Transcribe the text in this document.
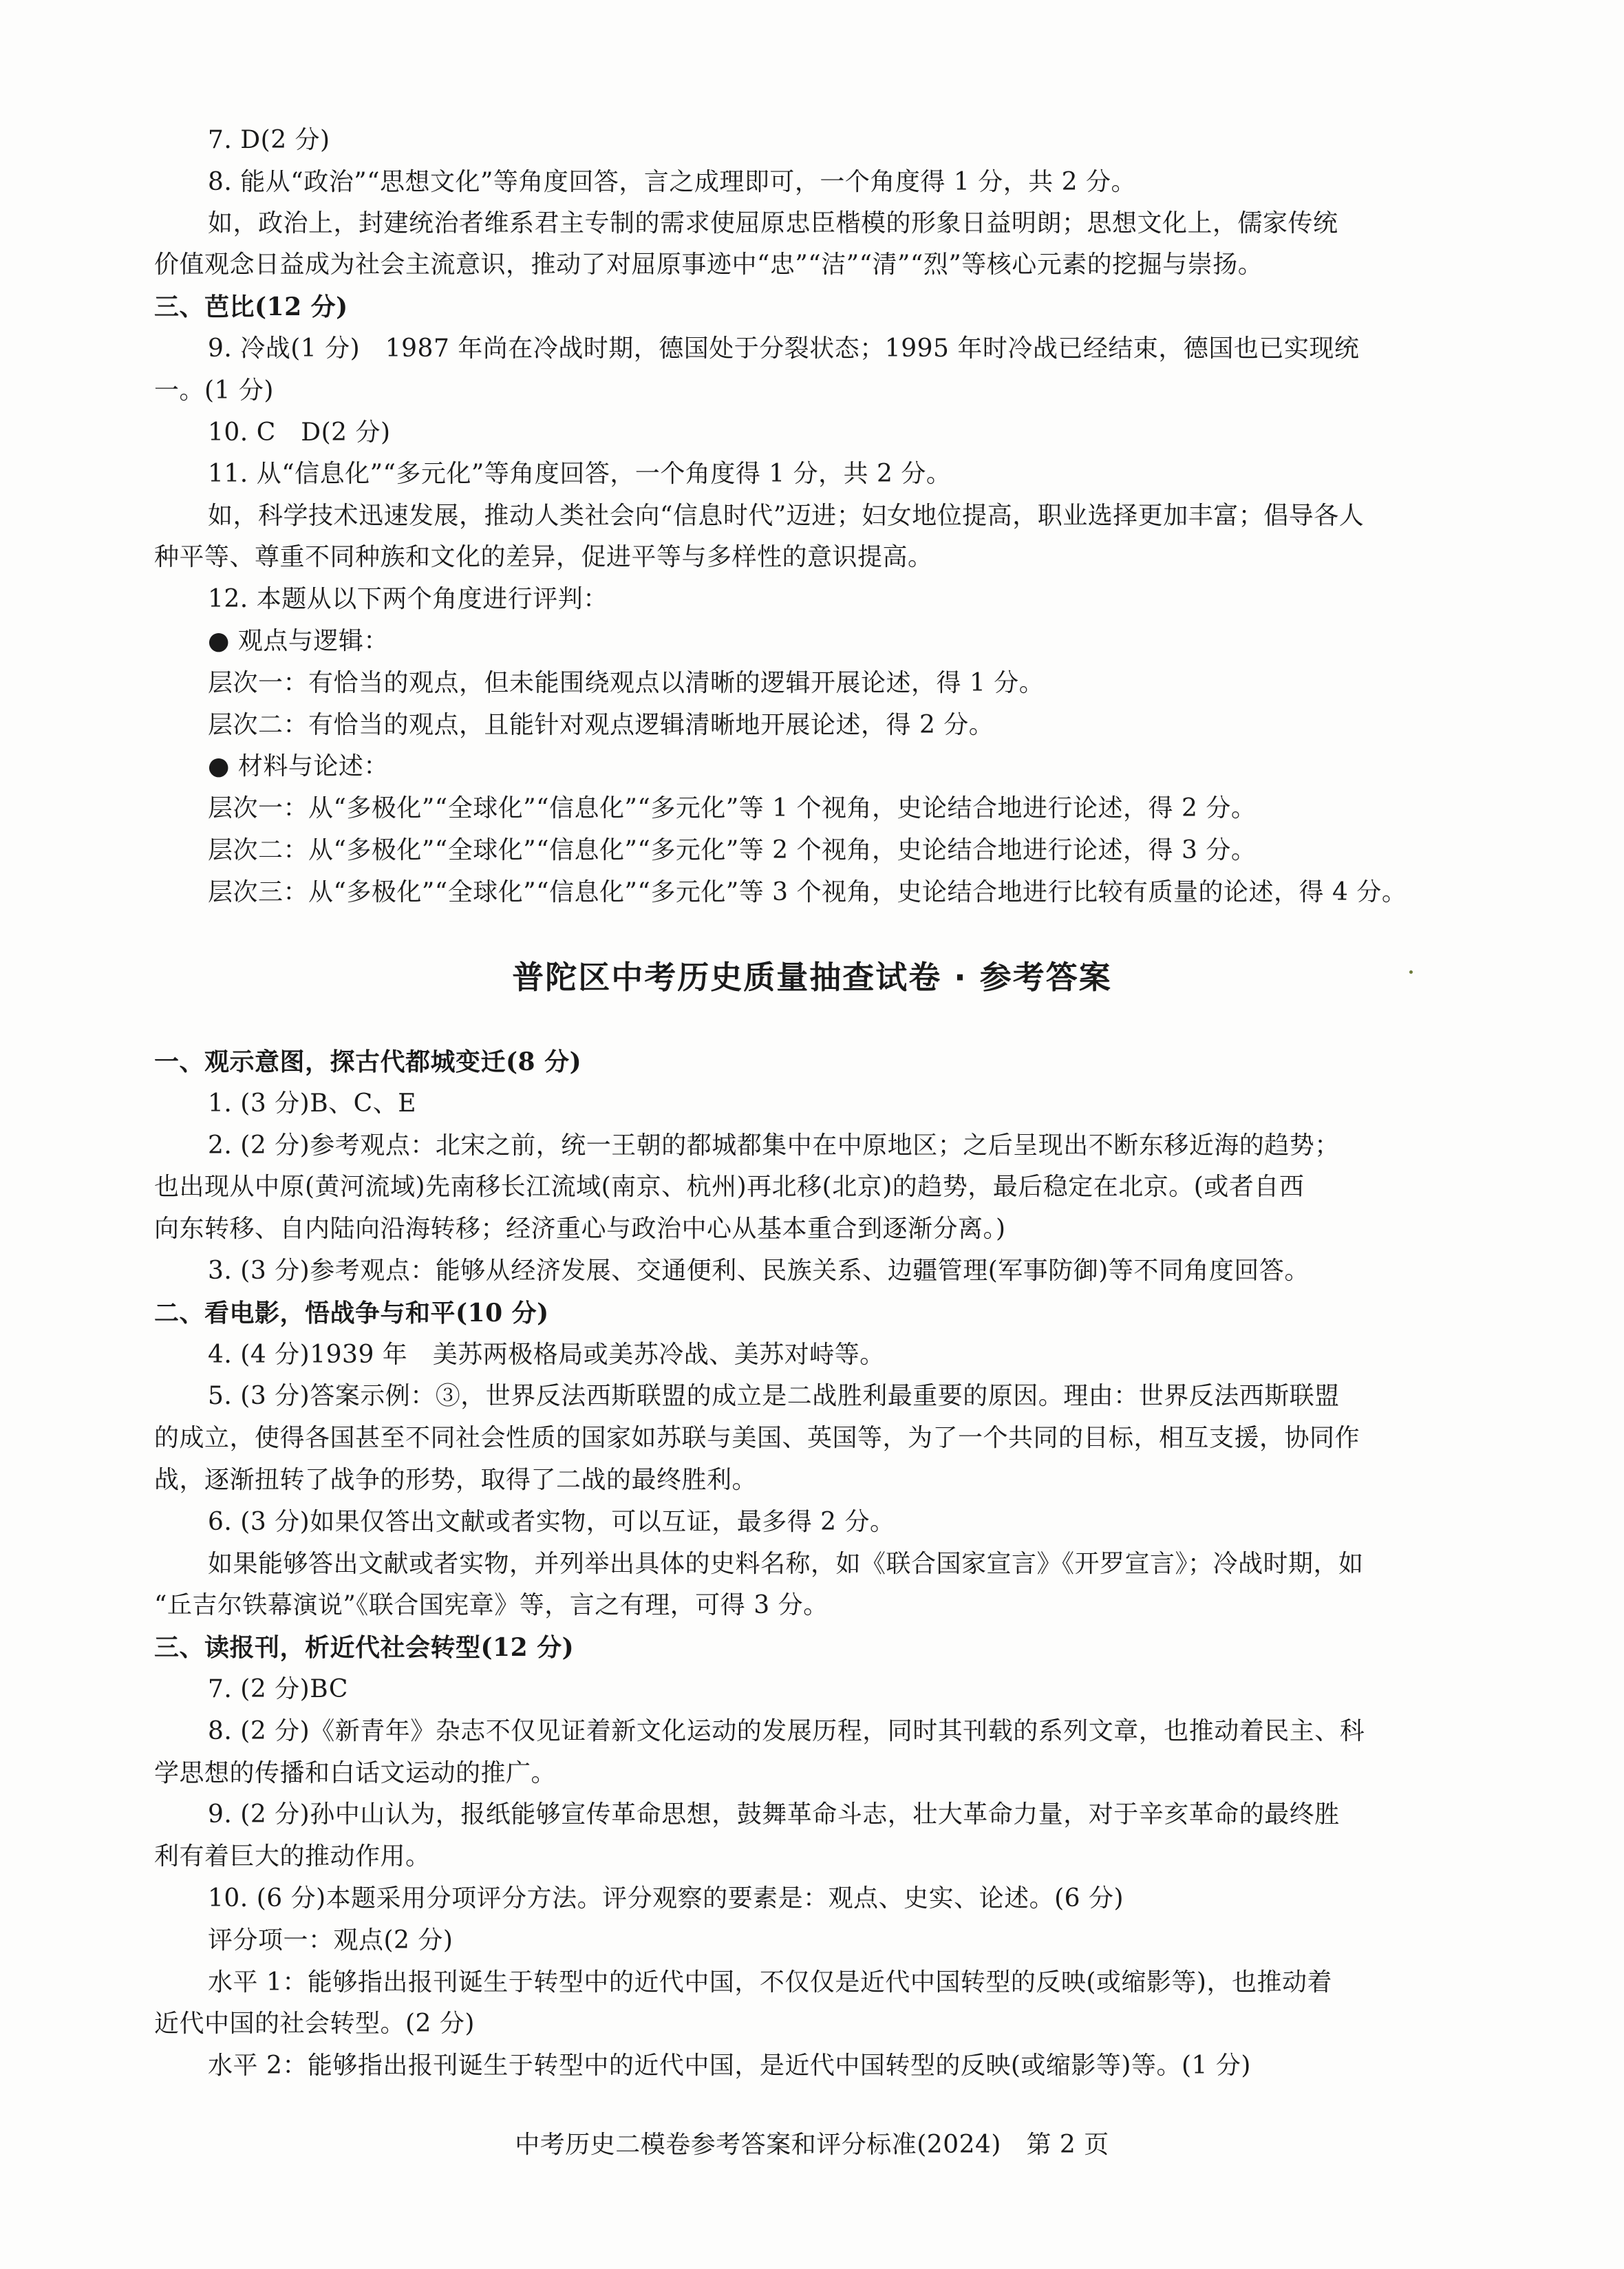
7. D(2 分)
8. 能从“政治”“思想文化”等角度回答，言之成理即可，一个角度得 1 分，共 2 分。
如，政治上，封建统治者维系君主专制的需求使屈原忠臣楷模的形象日益明朗；思想文化上，儒家传统
价值观念日益成为社会主流意识，推动了对屈原事迹中“忠”“洁”“清”“烈”等核心元素的挖掘与崇扬。
三、芭比(12 分)
9. 冷战(1 分)　1987 年尚在冷战时期，德国处于分裂状态；1995 年时冷战已经结束，德国也已实现统
一。(1 分)
10. C　D(2 分)
11. 从“信息化”“多元化”等角度回答，一个角度得 1 分，共 2 分。
如，科学技术迅速发展，推动人类社会向“信息时代”迈进；妇女地位提高，职业选择更加丰富；倡导各人
种平等、尊重不同种族和文化的差异，促进平等与多样性的意识提高。
12. 本题从以下两个角度进行评判：
● 观点与逻辑：
层次一：有恰当的观点，但未能围绕观点以清晰的逻辑开展论述，得 1 分。
层次二：有恰当的观点，且能针对观点逻辑清晰地开展论述，得 2 分。
● 材料与论述：
层次一：从“多极化”“全球化”“信息化”“多元化”等 1 个视角，史论结合地进行论述，得 2 分。
层次二：从“多极化”“全球化”“信息化”“多元化”等 2 个视角，史论结合地进行论述，得 3 分。
层次三：从“多极化”“全球化”“信息化”“多元化”等 3 个视角，史论结合地进行比较有质量的论述，得 4 分。
普陀区中考历史质量抽查试卷 · 参考答案
一、观示意图，探古代都城变迁(8 分)
1. (3 分)B、C、E
2. (2 分)参考观点：北宋之前，统一王朝的都城都集中在中原地区；之后呈现出不断东移近海的趋势；
也出现从中原(黄河流域)先南移长江流域(南京、杭州)再北移(北京)的趋势，最后稳定在北京。(或者自西
向东转移、自内陆向沿海转移；经济重心与政治中心从基本重合到逐渐分离。)
3. (3 分)参考观点：能够从经济发展、交通便利、民族关系、边疆管理(军事防御)等不同角度回答。
二、看电影，悟战争与和平(10 分)
4. (4 分)1939 年　美苏两极格局或美苏冷战、美苏对峙等。
5. (3 分)答案示例：③，世界反法西斯联盟的成立是二战胜利最重要的原因。理由：世界反法西斯联盟
的成立，使得各国甚至不同社会性质的国家如苏联与美国、英国等，为了一个共同的目标，相互支援，协同作
战，逐渐扭转了战争的形势，取得了二战的最终胜利。
6. (3 分)如果仅答出文献或者实物，可以互证，最多得 2 分。
如果能够答出文献或者实物，并列举出具体的史料名称，如《联合国家宣言》《开罗宣言》；冷战时期，如
“丘吉尔铁幕演说”《联合国宪章》等，言之有理，可得 3 分。
三、读报刊，析近代社会转型(12 分)
7. (2 分)BC
8. (2 分)《新青年》杂志不仅见证着新文化运动的发展历程，同时其刊载的系列文章，也推动着民主、科
学思想的传播和白话文运动的推广。
9. (2 分)孙中山认为，报纸能够宣传革命思想，鼓舞革命斗志，壮大革命力量，对于辛亥革命的最终胜
利有着巨大的推动作用。
10. (6 分)本题采用分项评分方法。评分观察的要素是：观点、史实、论述。(6 分)
评分项一：观点(2 分)
水平 1：能够指出报刊诞生于转型中的近代中国，不仅仅是近代中国转型的反映(或缩影等)，也推动着
近代中国的社会转型。(2 分)
水平 2：能够指出报刊诞生于转型中的近代中国，是近代中国转型的反映(或缩影等)等。(1 分)
中考历史二模卷参考答案和评分标准(2024)　第 2 页
